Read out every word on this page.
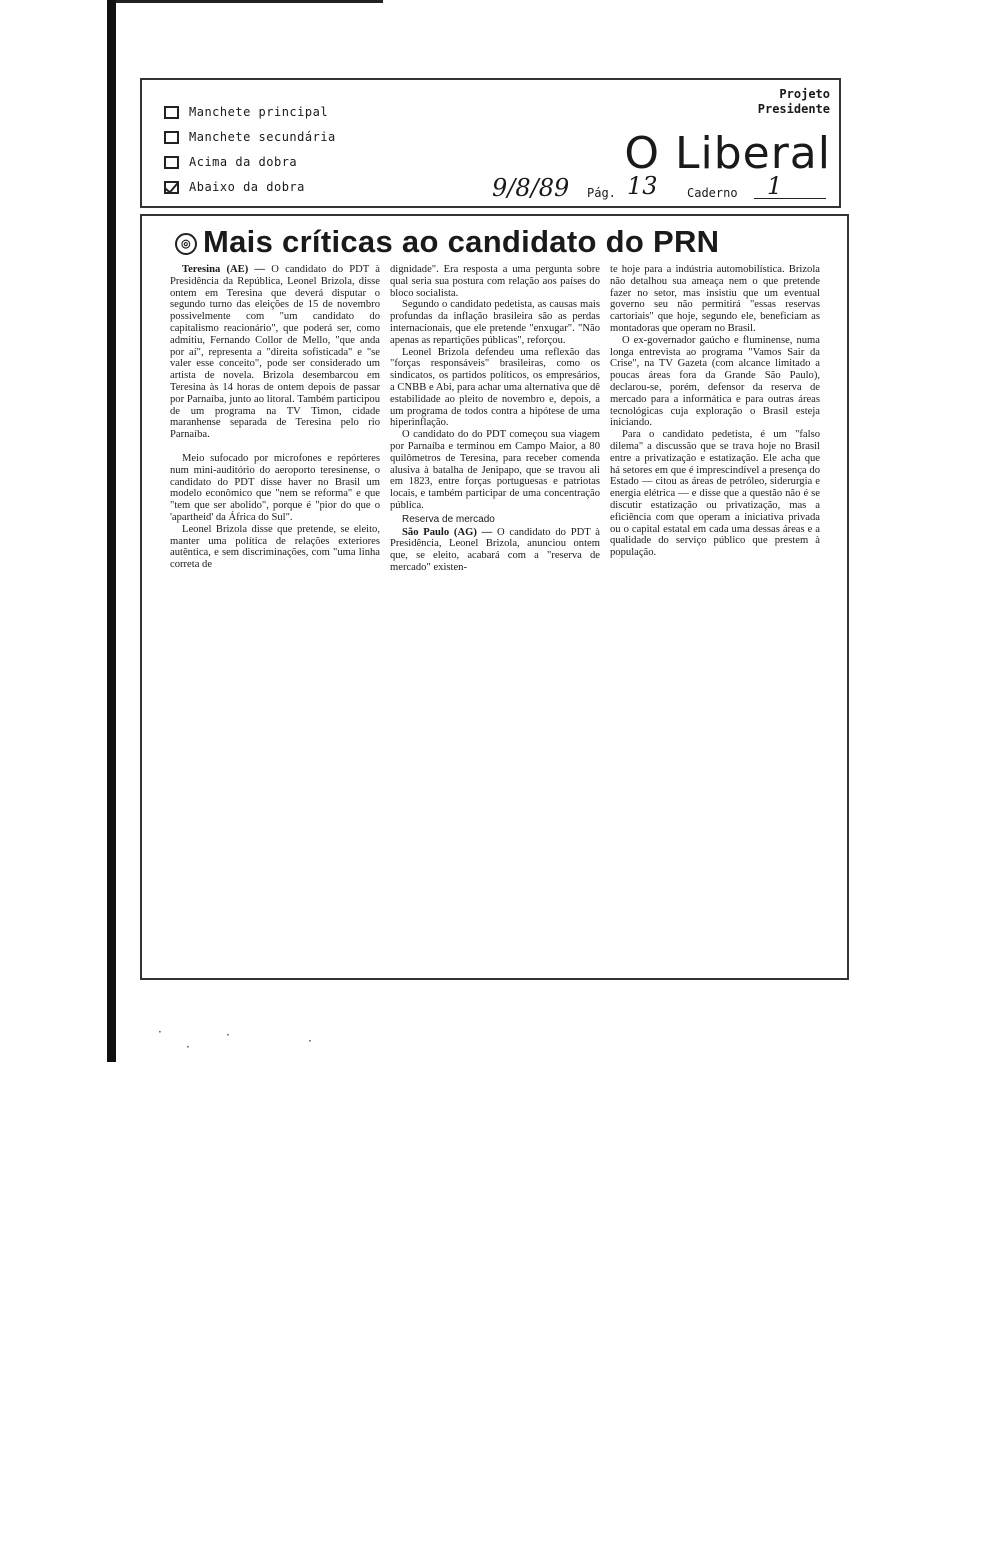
Manchete principal
Manchete secundária
Acima da dobra
Abaixo da dobra
Projeto
Presidente
O Liberal
9/8/89 Pág. 13 Caderno 1
◎ Mais críticas ao candidato do PRN

Teresina (AE) — O candidato do PDT à Presidência da República, Leonel Brizola, disse ontem em Teresina que deverá disputar o segundo turno das eleições de 15 de novembro possivelmente com "um candidato do capitalismo reacionário", que poderá ser, como admitiu, Fernando Collor de Mello, "que anda por aí", representa a "direita sofisticada" e "se valer esse conceito", pode ser considerado um artista de novela. Brizola desembarcou em Teresina às 14 horas de ontem depois de passar por Parnaíba, junto ao litoral. Também participou de um programa na TV Timon, cidade maranhense separada de Teresina pelo rio Parnaíba.

Meio sufocado por microfones e repórteres num mini-auditório do aeroporto teresinense, o candidato do PDT disse haver no Brasil um modelo econômico que "nem se reforma" e que "tem que ser abolido", porque é "pior do que o 'apartheid' da África do Sul".

Leonel Brizola disse que pretende, se eleito, manter uma política de relações exteriores autêntica, e sem discriminações, com "uma linha correta de

dignidade". Era resposta a uma pergunta sobre qual seria sua postura com relação aos países do bloco socialista.

Segundo o candidato pedetista, as causas mais profundas da inflação brasileira são as perdas internacionais, que ele pretende "enxugar". "Não apenas as repartições públicas", reforçou.

Leonel Brizola defendeu uma reflexão das "forças responsáveis" brasileiras, como os sindicatos, os partidos políticos, os empresários, a CNBB e Abi, para achar uma alternativa que dê estabilidade ao pleito de novembro e, depois, a um programa de todos contra a hipótese de uma hiperinflação.

O candidato do do PDT começou sua viagem por Parnaíba e terminou em Campo Maior, a 80 quilômetros de Teresina, para receber comenda alusiva à batalha de Jenipapo, que se travou ali em 1823, entre forças portuguesas e patriotas locais, e também participar de uma concentração pública.

Reserva de mercado

São Paulo (AG) — O candidato do PDT à Presidência, Leonel Brizola, anunciou ontem que, se eleito, acabará com a "reserva de mercado" existen-

te hoje para a indústria automobilística. Brizola não detalhou sua ameaça nem o que pretende fazer no setor, mas insistiu que um eventual governo seu não permitirá "essas reservas cartoriais" que hoje, segundo ele, beneficiam as montadoras que operam no Brasil.

O ex-governador gaúcho e fluminense, numa longa entrevista ao programa "Vamos Sair da Crise", na TV Gazeta (com alcance limitado a poucas áreas fora da Grande São Paulo), declarou-se, porém, defensor da reserva de mercado para a informática e para outras áreas tecnológicas cuja exploração o Brasil esteja iniciando.

Para o candidato pedetista, é um "falso dilema" a discussão que se trava hoje no Brasil entre a privatização e estatização. Ele acha que há setores em que é imprescindível a presença do Estado — citou as áreas de petróleo, siderurgia e energia elétrica — e disse que a questão não é se discutir estatização ou privatização, mas a eficiência com que operam a iniciativa privada ou o capital estatal em cada uma dessas áreas e a qualidade do serviço público que prestem à população.

·
·
·	·
